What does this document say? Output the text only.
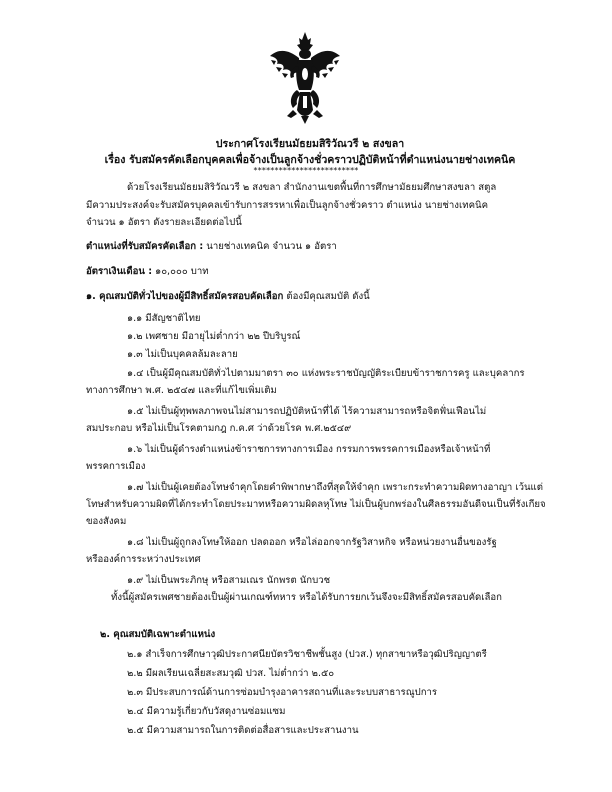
ประกาศโรงเรียนมัธยมสิริวัณวรี ๒ สงขลา
เรื่อง รับสมัครคัดเลือกบุคคลเพื่อจ้างเป็นลูกจ้างชั่วคราวปฏิบัติหน้าที่ตำแหน่งนายช่างเทคนิค
*************************
ด้วยโรงเรียนมัธยมสิริวัณวรี ๒ สงขลา สำนักงานเขตพื้นที่การศึกษามัธยมศึกษาสงขลา สตูล
มีความประสงค์จะรับสมัครบุคคลเข้ารับการสรรหาเพื่อเป็นลูกจ้างชั่วคราว ตำแหน่ง นายช่างเทคนิค
จำนวน ๑ อัตรา ดังรายละเอียดต่อไปนี้
ตำแหน่งที่รับสมัครคัดเลือก : นายช่างเทคนิค จำนวน ๑ อัตรา
อัตราเงินเดือน : ๑๐,๐๐๐ บาท
๑. คุณสมบัติทั่วไปของผู้มีสิทธิ์สมัครสอบคัดเลือก ต้องมีคุณสมบัติ ดังนี้
๑.๑ มีสัญชาติไทย
๑.๒ เพศชาย มีอายุไม่ต่ำกว่า ๒๒ ปีบริบูรณ์
๑.๓ ไม่เป็นบุคคลล้มละลาย
๑.๔ เป็นผู้มีคุณสมบัติทั่วไปตามมาตรา ๓๐ แห่งพระราชบัญญัติระเบียบข้าราชการครู และบุคลากร
ทางการศึกษา พ.ศ. ๒๕๔๗ และที่แก้ไขเพิ่มเติม
๑.๕ ไม่เป็นผู้ทุพพลภาพจนไม่สามารถปฏิบัติหน้าที่ได้ ไร้ความสามารถหรือจิตฟั่นเฟือนไม่
สมประกอบ หรือไม่เป็นโรคตามกฎ ก.ค.ศ ว่าด้วยโรค พ.ศ.๒๕๔๙
๑.๖ ไม่เป็นผู้ดำรงตำแหน่งข้าราชการทางการเมือง กรรมการพรรคการเมืองหรือเจ้าหน้าที่
พรรคการเมือง
๑.๗ ไม่เป็นผู้เคยต้องโทษจำคุกโดยคำพิพากษาถึงที่สุดให้จำคุก เพราะกระทำความผิดทางอาญา เว้นแต่
โทษสำหรับความผิดที่ได้กระทำโดยประมาทหรือความผิดลหุโทษ ไม่เป็นผู้บกพร่องในศีลธรรมอันดีจนเป็นที่รังเกียจ
ของสังคม
๑.๘ ไม่เป็นผู้ถูกลงโทษให้ออก ปลดออก หรือไล่ออกจากรัฐวิสาหกิจ หรือหน่วยงานอื่นของรัฐ
หรือองค์การระหว่างประเทศ
๑.๙ ไม่เป็นพระภิกษุ หรือสามเณร นักพรต นักบวช
ทั้งนี้ผู้สมัครเพศชายต้องเป็นผู้ผ่านเกณฑ์ทหาร หรือได้รับการยกเว้นจึงจะมีสิทธิ์สมัครสอบคัดเลือก
๒. คุณสมบัติเฉพาะตำแหน่ง
๒.๑ สำเร็จการศึกษาวุฒิประกาศนียบัตรวิชาชีพชั้นสูง (ปวส.) ทุกสาขาหรือวุฒิปริญญาตรี
๒.๒ มีผลเรียนเฉลี่ยสะสมวุฒิ ปวส. ไม่ต่ำกว่า ๒.๕๐
๒.๓ มีประสบการณ์ด้านการซ่อมบำรุงอาคารสถานที่และระบบสาธารณูปการ
๒.๔ มีความรู้เกี่ยวกับวัสดุงานซ่อมแซม
๒.๕ มีความสามารถในการติดต่อสื่อสารและประสานงาน
